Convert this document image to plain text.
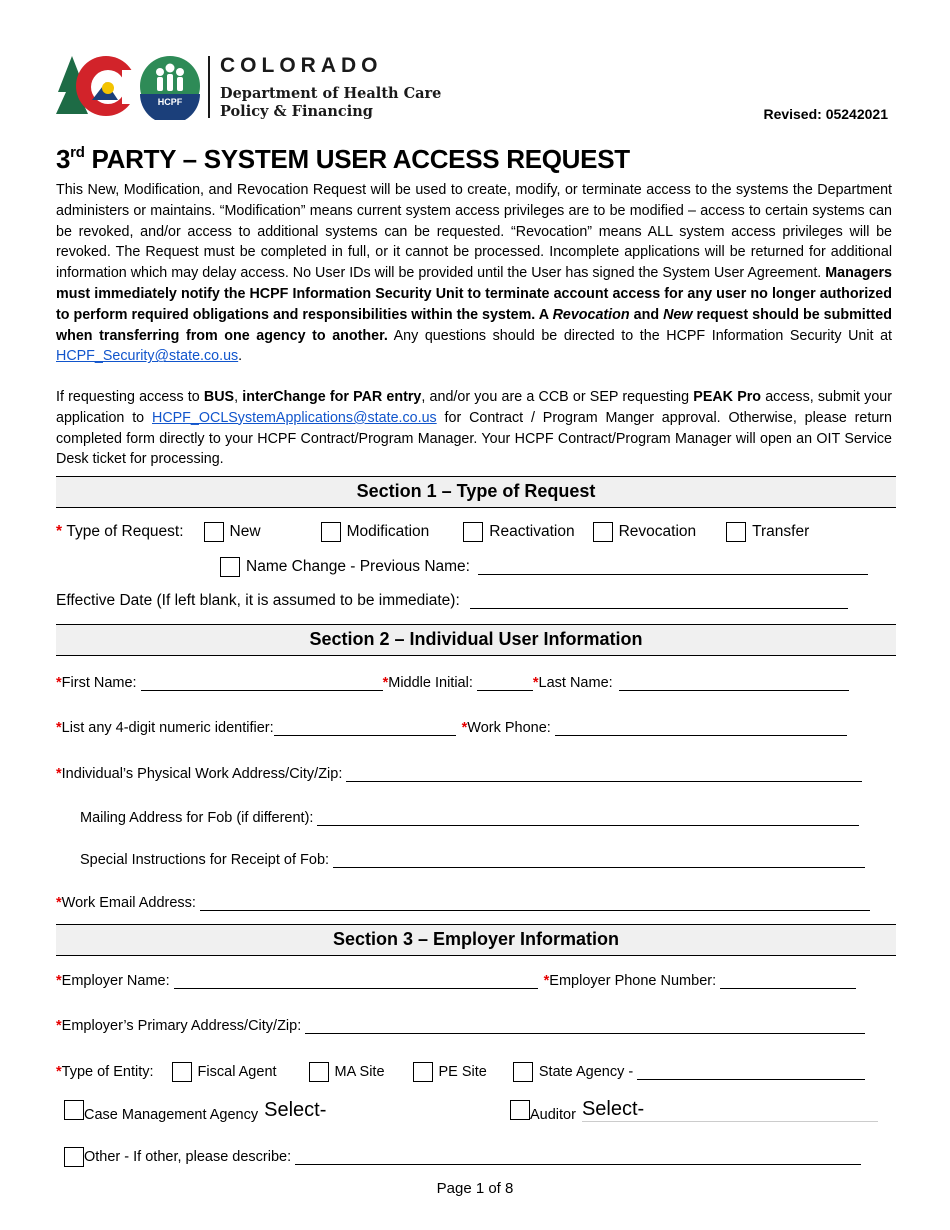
HCPF
COLORADO
Department of Health Care
Policy & Financing	Revised: 05242021
3rd PARTY – SYSTEM USER ACCESS REQUEST
This New, Modification, and Revocation Request will be used to create, modify, or terminate access to the systems the Department administers or maintains. “Modification” means current system access privileges are to be modified – access to certain systems can be revoked, and/or access to additional systems can be requested. “Revocation” means ALL system access privileges will be revoked. The Request must be completed in full, or it cannot be processed. Incomplete applications will be returned for additional information which may delay access. No User IDs will be provided until the User has signed the System User Agreement. Managers must immediately notify the HCPF Information Security Unit to terminate account access for any user no longer authorized to perform required obligations and responsibilities within the system. A Revocation and New request should be submitted when transferring from one agency to another. Any questions should be directed to the HCPF Information Security Unit at HCPF_Security@state.co.us.
If requesting access to BUS, interChange for PAR entry, and/or you are a CCB or SEP requesting PEAK Pro access, submit your application to HCPF_OCLSystemApplications@state.co.us for Contract / Program Manger approval. Otherwise, please return completed form directly to your HCPF Contract/Program Manager. Your HCPF Contract/Program Manager will open an OIT Service Desk ticket for processing.
Section 1 – Type of Request
*
Type of Request:	New	Modification	Reactivation	Revocation	Transfer
Name Change - Previous Name:
Effective Date (If left blank, it is assumed to be immediate):
Section 2 – Individual User Information
* First Name:	* Middle Initial:	* Last Name:
* List any 4-digit numeric identifier:	* Work Phone:
* Individual’s Physical Work Address/City/Zip:
Mailing Address for Fob (if different):
Special Instructions for Receipt of Fob:
* Work Email Address:
Section 3 – Employer Information
* Employer Name:	* Employer Phone Number:
* Employer’s Primary Address/City/Zip:
* Type of Entity:	Fiscal Agent	MA Site	PE Site	State Agency -
Case Management Agency Select-	Auditor Select-
Other - If other, please describe:
Page 1 of 8
